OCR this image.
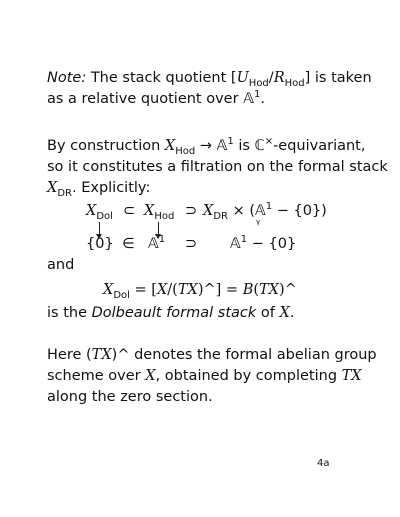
Note: The stack quotient $[U_{Hod}/R_{Hod}]$ is taken
as a relative quotient over 𝔸$^1$.
By construction $X_{Hod}$ → 𝔸$^1$ is ℂ×-equivariant,
so it constitutes a filtration on the formal stack
$X_{DR}$. Explicitly:
$X_{Dol}$ ⊂ $X_{Hod}$ ⊃ $X_{DR}$ × (𝔸$^1$ − {0})
γ
{0} ∈ 𝔸$^1$ ⊃ 𝔸$^1$ − {0}
and
$X_{Dol}$ = [X/(TX)^] = B(TX)^
is the Dolbeault formal stack of X.
Here (TX)^ denotes the formal abelian group
scheme over X, obtained by completing TX
along the zero section.
4a
